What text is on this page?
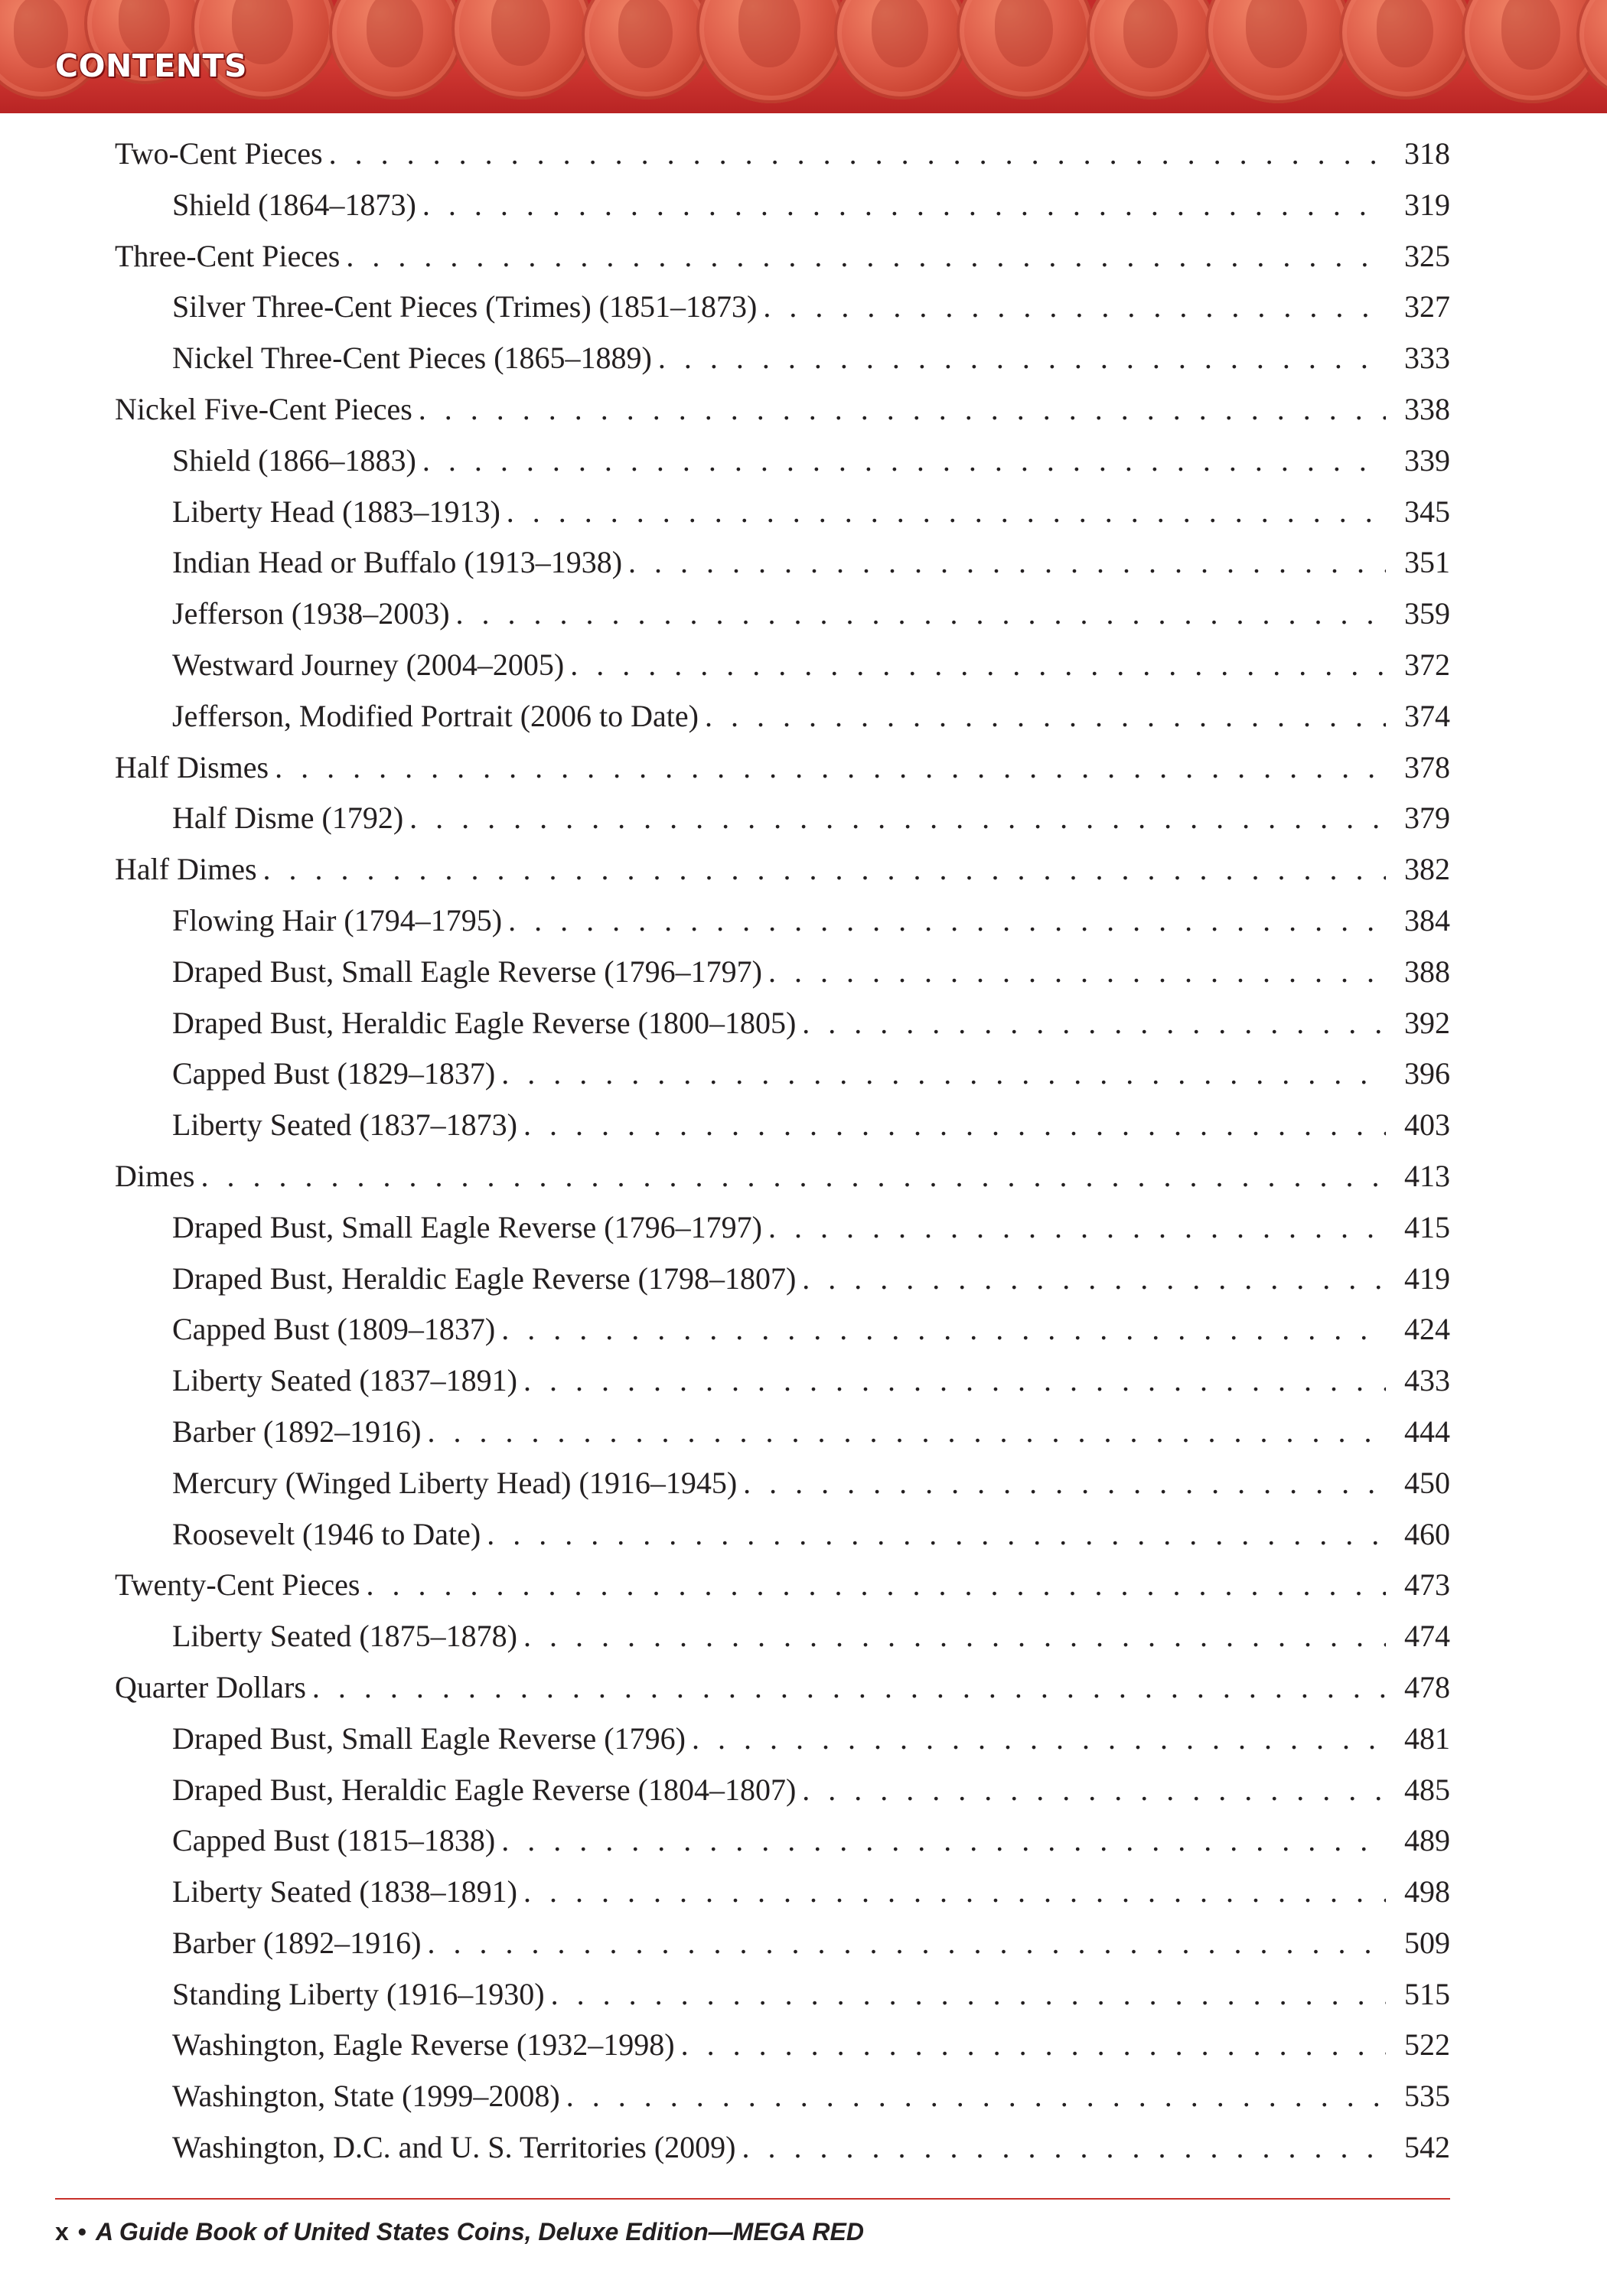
CONTENTS
Two-Cent Pieces . . .	318
Shield (1864–1873) . . .	319
Three-Cent Pieces . . .	325
Silver Three-Cent Pieces (Trimes) (1851–1873) . . .	327
Nickel Three-Cent Pieces (1865–1889) . . .	333
Nickel Five-Cent Pieces . . .	338
Shield (1866–1883) . . .	339
Liberty Head (1883–1913) . . .	345
Indian Head or Buffalo (1913–1938) . . .	351
Jefferson (1938–2003) . . .	359
Westward Journey (2004–2005) . . .	372
Jefferson, Modified Portrait (2006 to Date) . . .	374
Half Dismes . . .	378
Half Disme (1792) . . .	379
Half Dimes . . .	382
Flowing Hair (1794–1795) . . .	384
Draped Bust, Small Eagle Reverse (1796–1797) . . .	388
Draped Bust, Heraldic Eagle Reverse (1800–1805) . . .	392
Capped Bust (1829–1837) . . .	396
Liberty Seated (1837–1873) . . .	403
Dimes . . .	413
Draped Bust, Small Eagle Reverse (1796–1797) . . .	415
Draped Bust, Heraldic Eagle Reverse (1798–1807) . . .	419
Capped Bust (1809–1837) . . .	424
Liberty Seated (1837–1891) . . .	433
Barber (1892–1916) . . .	444
Mercury (Winged Liberty Head) (1916–1945) . . .	450
Roosevelt (1946 to Date) . . .	460
Twenty-Cent Pieces . . .	473
Liberty Seated (1875–1878) . . .	474
Quarter Dollars . . .	478
Draped Bust, Small Eagle Reverse (1796) . . .	481
Draped Bust, Heraldic Eagle Reverse (1804–1807) . . .	485
Capped Bust (1815–1838) . . .	489
Liberty Seated (1838–1891) . . .	498
Barber (1892–1916) . . .	509
Standing Liberty (1916–1930) . . .	515
Washington, Eagle Reverse (1932–1998) . . .	522
Washington, State (1999–2008) . . .	535
Washington, D.C. and U. S. Territories (2009) . . .	542
x • A Guide Book of United States Coins, Deluxe Edition—MEGA RED
